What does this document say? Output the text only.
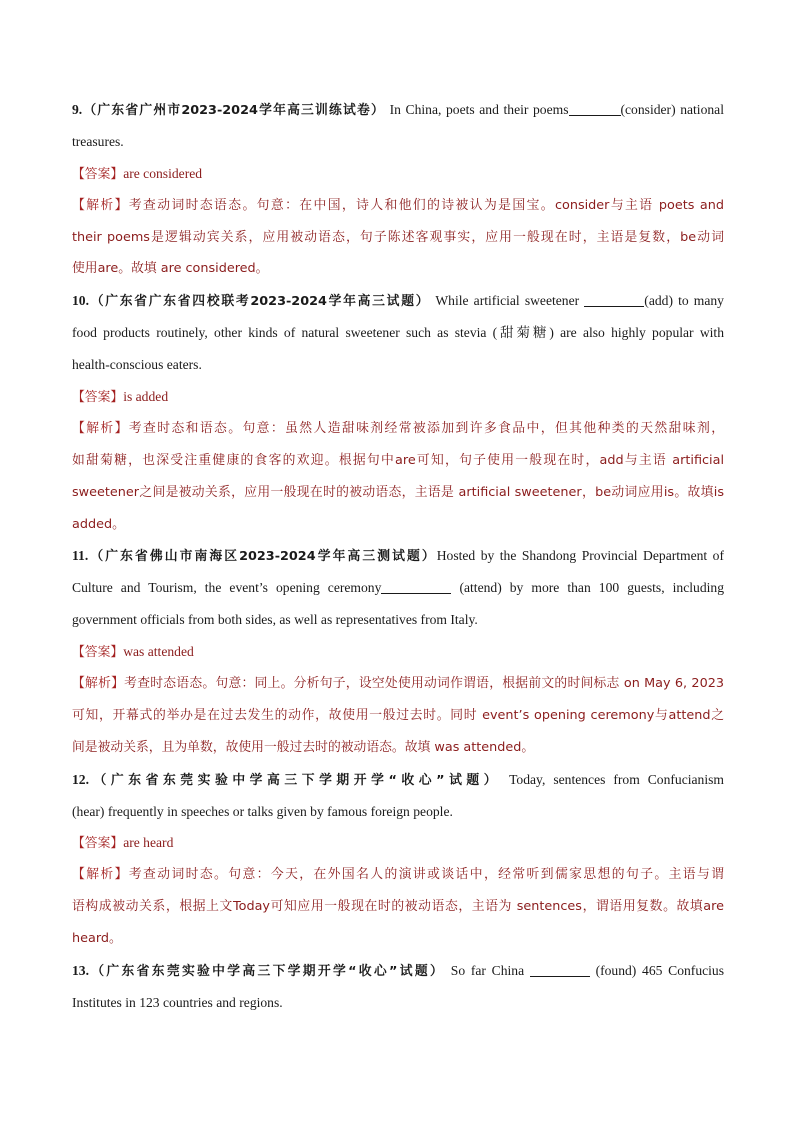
9.（广东省广州市2023-2024学年高三训练试卷） In China, poets and their poems	(consider) national
treasures.
【答案】are considered
【解析】考查动词时态语态。句意：在中国，诗人和他们的诗被认为是国宝。consider与主语 poets and
their poems是逻辑动宾关系，应用被动语态，句子陈述客观事实，应用一般现在时，主语是复数，be动词
使用are。故填 are considered。
10.（广东省广东省四校联考2023-2024学年高三试题） While artificial sweetener	(add) to many
food products routinely, other kinds of natural sweetener such as stevia (甜菊糖) are also highly popular with
health-conscious eaters.
【答案】is added
【解析】考查时态和语态。句意：虽然人造甜味剂经常被添加到许多食品中，但其他种类的天然甜味剂，
如甜菊糖，也深受注重健康的食客的欢迎。根据句中are可知，句子使用一般现在时，add与主语 artificial
sweetener之间是被动关系，应用一般现在时的被动语态，主语是 artificial sweetener，be动词应用is。故填is
added。
11.（广东省佛山市南海区2023-2024学年高三测试题）Hosted by the Shandong Provincial Department of
Culture and Tourism, the event’s opening ceremony	(attend) by more than 100 guests, including
government officials from both sides, as well as representatives from Italy.
【答案】was attended
【解析】考查时态语态。句意：同上。分析句子，设空处使用动词作谓语，根据前文的时间标志 on May 6, 2023
可知，开幕式的举办是在过去发生的动作，故使用一般过去时。同时 event’s opening ceremony与attend之
间是被动关系，且为单数，故使用一般过去时的被动语态。故填 was attended。
12.（广东省东莞实验中学高三下学期开学“收心”试题） Today, sentences from Confucianism
(hear) frequently in speeches or talks given by famous foreign people.
【答案】are heard
【解析】考查动词时态。句意：今天，在外国名人的演讲或谈话中，经常听到儒家思想的句子。主语与谓
语构成被动关系，根据上文Today可知应用一般现在时的被动语态，主语为 sentences，谓语用复数。故填are
heard。
13.（广东省东莞实验中学高三下学期开学“收心”试题） So far China	(found) 465 Confucius
Institutes in 123 countries and regions.
